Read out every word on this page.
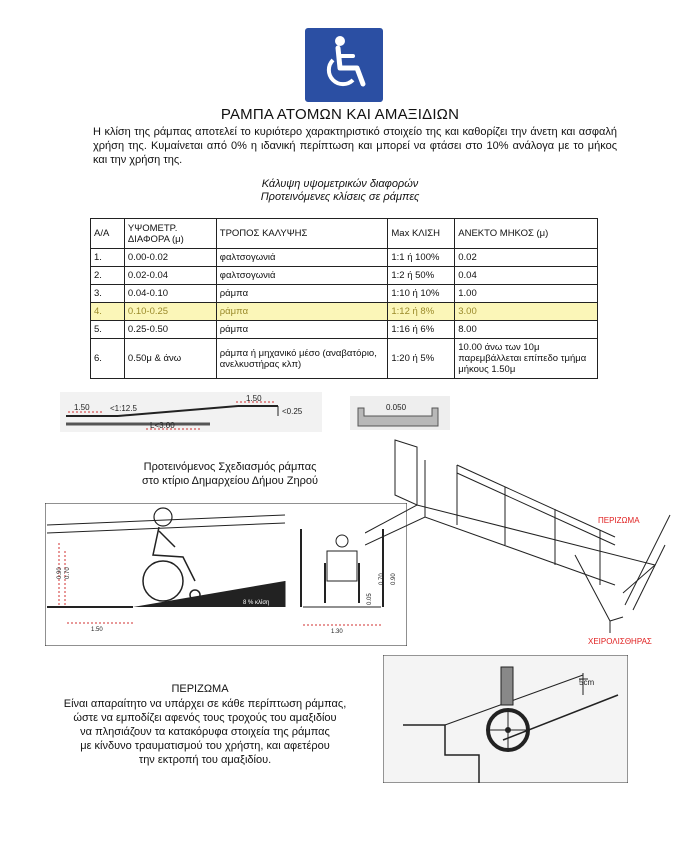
ΡΑΜΠΑ ΑΤΟΜΩΝ ΚΑΙ ΑΜΑΞΙΔΙΩΝ
Η κλίση της ράμπας αποτελεί το κυριότερο χαρακτηριστικό στοιχείο της και καθορίζει την άνετη και ασφαλή χρήση της. Κυμαίνεται από 0% η ιδανική περίπτωση και μπορεί να φτάσει στο 10% ανάλογα με το μήκος και την χρήση της.
Κάλυψη υψομετρικών διαφορών
Προτεινόμενες κλίσεις σε ράμπες
Α/Α	ΥΨΟΜΕΤΡ. ΔΙΑΦΟΡΑ (μ)	ΤΡΟΠΟΣ ΚΑΛΥΨΗΣ	Max ΚΛΙΣΗ	ΑΝΕΚΤΟ ΜΗΚΟΣ (μ)
1.	0.00-0.02	φαλτσογωνιά	1:1 ή 100%	0.02
2.	0.02-0.04	φαλτσογωνιά	1:2 ή 50%	0.04
3.	0.04-0.10	ράμπα	1:10 ή 10%	1.00
4.	0.10-0.25	ράμπα	1:12 ή 8%	3.00
5.	0.25-0.50	ράμπα	1:16 ή 6%	8.00
6.	0.50μ & άνω	ράμπα ή μηχανικό μέσο (αναβατόριο, ανελκυστήρας κλπ)	1:20 ή 5%	10.00 άνω των 10μ παρεμβάλλεται επίπεδο τμήμα μήκους 1.50μ
1.50	<1:12.5
1.50
<0.25
L<3.00
0.050
Προτεινόμενος Σχεδιασμός ράμπας
στο κτίριο Δημαρχείου Δήμου Ζηρού
8 % κλίση
0.90 0.70
1.50
0.70 0.90
0.05
1.30
ΠΕΡΙΖΩΜΑ
ΧΕΙΡΟΛΙΣΘΗΡΑΣ
ΠΕΡΙΖΩΜΑ
Είναι απαραίτητο να υπάρχει σε κάθε περίπτωση ράμπας,
ώστε να εμποδίζει αφενός τους τροχούς του αμαξιδίου
να πλησιάζουν τα κατακόρυφα στοιχεία της ράμπας
με κίνδυνο τραυματισμού του χρήστη, και αφετέρου
την εκτροπή του αμαξιδίου.
5cm
